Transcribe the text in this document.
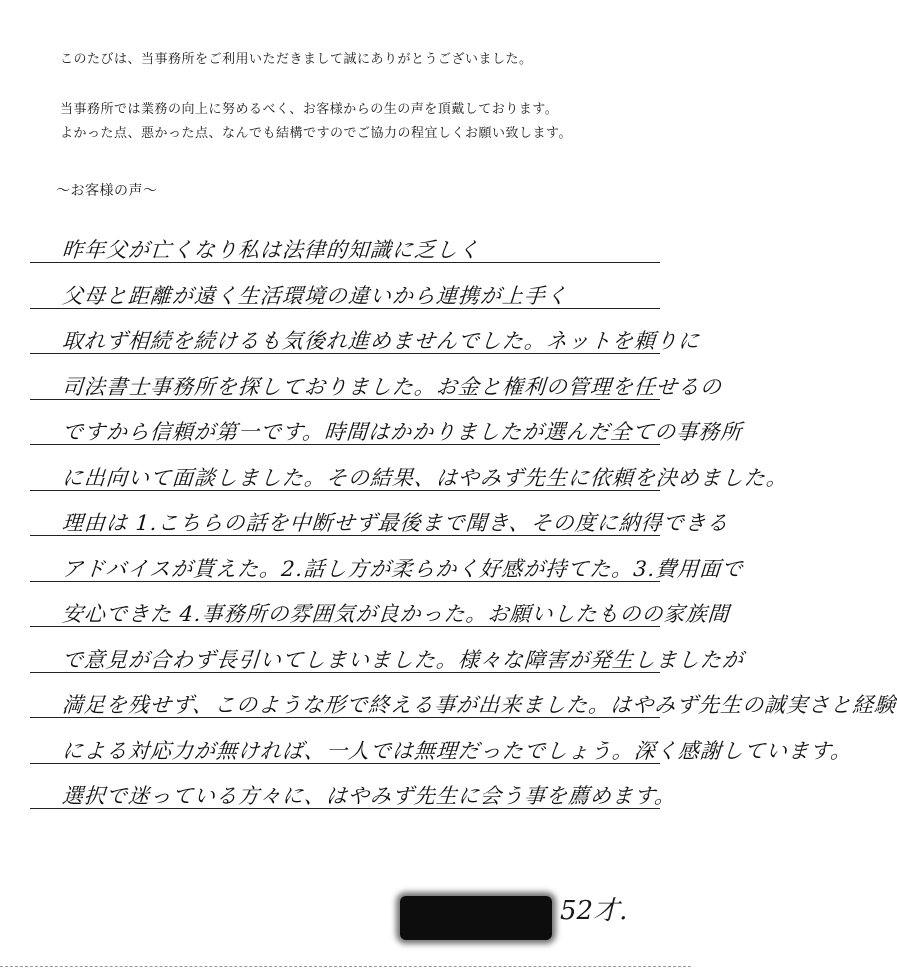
このたびは、当事務所をご利用いただきまして誠にありがとうございました。
当事務所では業務の向上に努めるべく、お客様からの生の声を頂戴しております。
よかった点、悪かった点、なんでも結構ですのでご協力の程宜しくお願い致します。
～お客様の声～
昨年父が亡くなり私は法律的知識に乏しく
父母と距離が遠く生活環境の違いから連携が上手く
取れず相続を続けるも気後れ進めませんでした。ネットを頼りに
司法書士事務所を探しておりました。お金と権利の管理を任せるの
ですから信頼が第一です。時間はかかりましたが選んだ全ての事務所
に出向いて面談しました。その結果、はやみず先生に依頼を決めました。
理由は 1.こちらの話を中断せず最後まで聞き、その度に納得できる
アドバイスが貰えた。2.話し方が柔らかく好感が持てた。3.費用面で
安心できた 4.事務所の雰囲気が良かった。お願いしたものの家族間
で意見が合わず長引いてしまいました。様々な障害が発生しましたが
満足を残せず、このような形で終える事が出来ました。はやみず先生の誠実さと経験
による対応力が無ければ、一人では無理だったでしょう。深く感謝しています。
選択で迷っている方々に、はやみず先生に会う事を薦めます。
52才.
